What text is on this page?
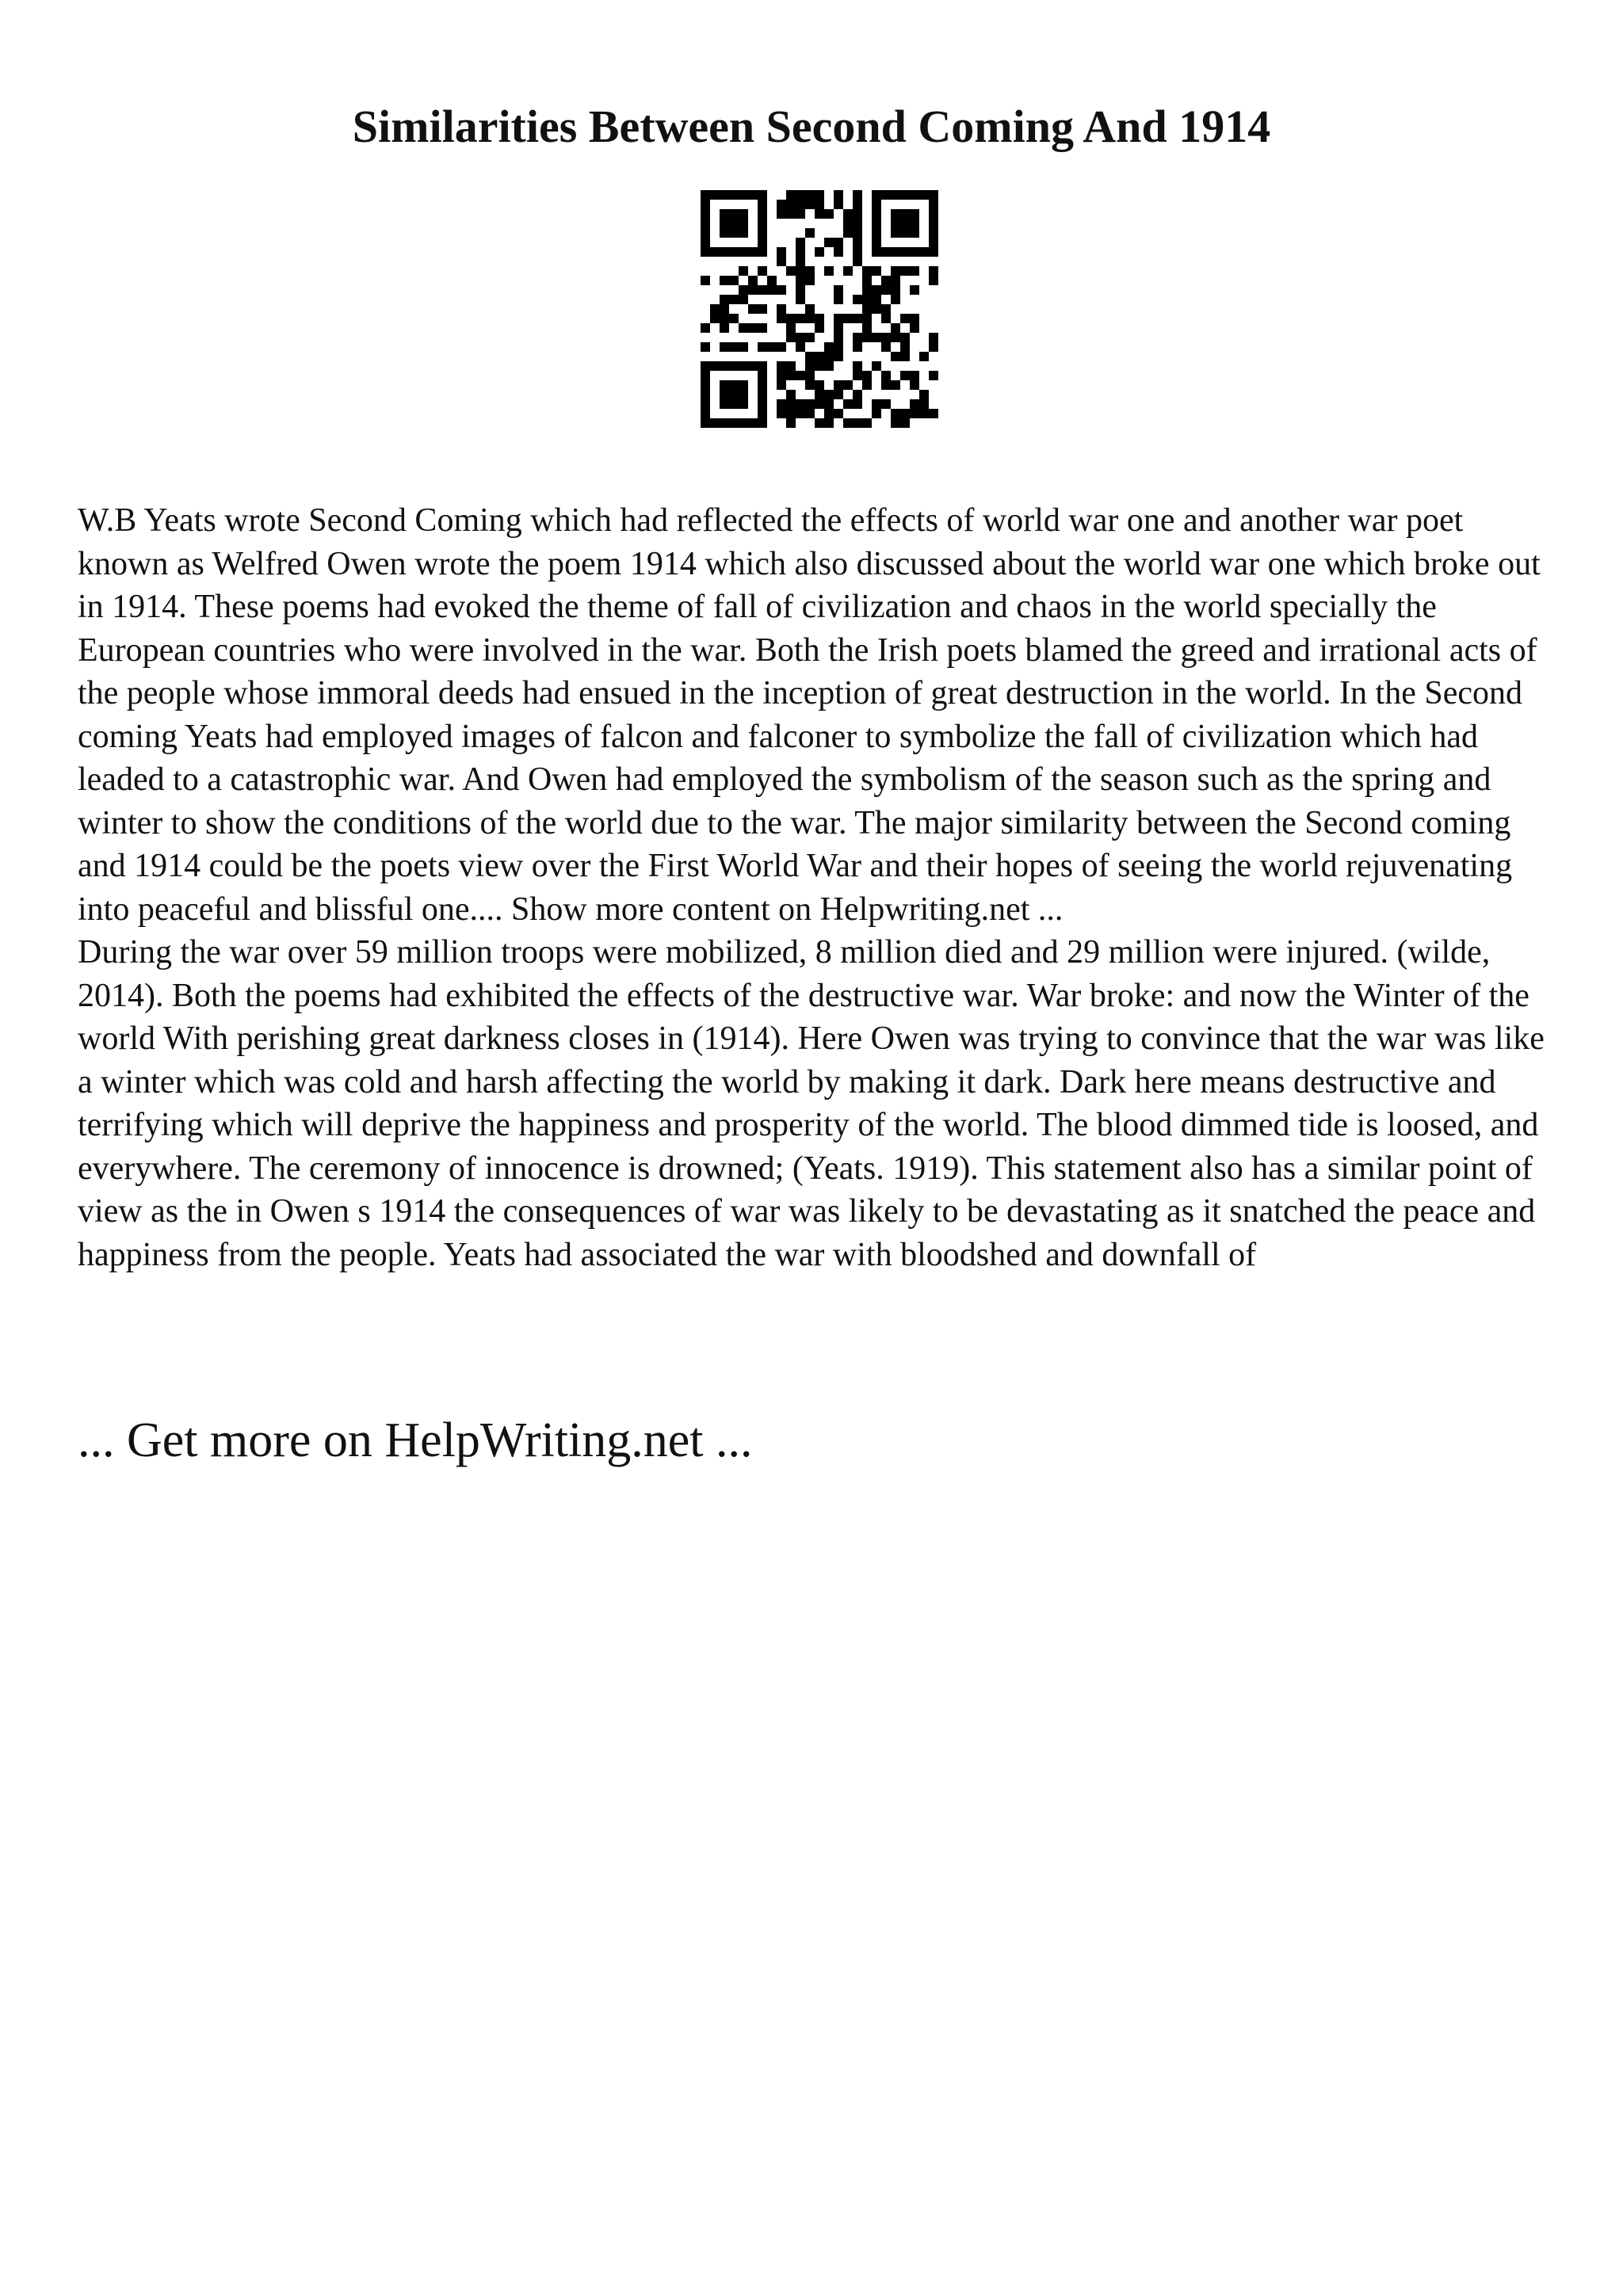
Similarities Between Second Coming And 1914

W.B Yeats wrote Second Coming which had reflected the effects of world war one and another war poet known as Welfred Owen wrote the poem 1914 which also discussed about the world war one which broke out in 1914. These poems had evoked the theme of fall of civilization and chaos in the world specially the European countries who were involved in the war. Both the Irish poets blamed the greed and irrational acts of the people whose immoral deeds had ensued in the inception of great destruction in the world. In the Second coming Yeats had employed images of falcon and falconer to symbolize the fall of civilization which had leaded to a catastrophic war. And Owen had employed the symbolism of the season such as the spring and winter to show the conditions of the world due to the war. The major similarity between the Second coming and 1914 could be the poets view over the First World War and their hopes of seeing the world rejuvenating into peaceful and blissful one.... Show more content on Helpwriting.net ...

During the war over 59 million troops were mobilized, 8 million died and 29 million were injured. (wilde, 2014). Both the poems had exhibited the effects of the destructive war. War broke: and now the Winter of the world With perishing great darkness closes in (1914). Here Owen was trying to convince that the war was like a winter which was cold and harsh affecting the world by making it dark. Dark here means destructive and terrifying which will deprive the happiness and prosperity of the world. The blood dimmed tide is loosed, and everywhere. The ceremony of innocence is drowned; (Yeats. 1919). This statement also has a similar point of view as the in Owen s 1914 the consequences of war was likely to be devastating as it snatched the peace and happiness from the people. Yeats had associated the war with bloodshed and downfall of

... Get more on HelpWriting.net ...
